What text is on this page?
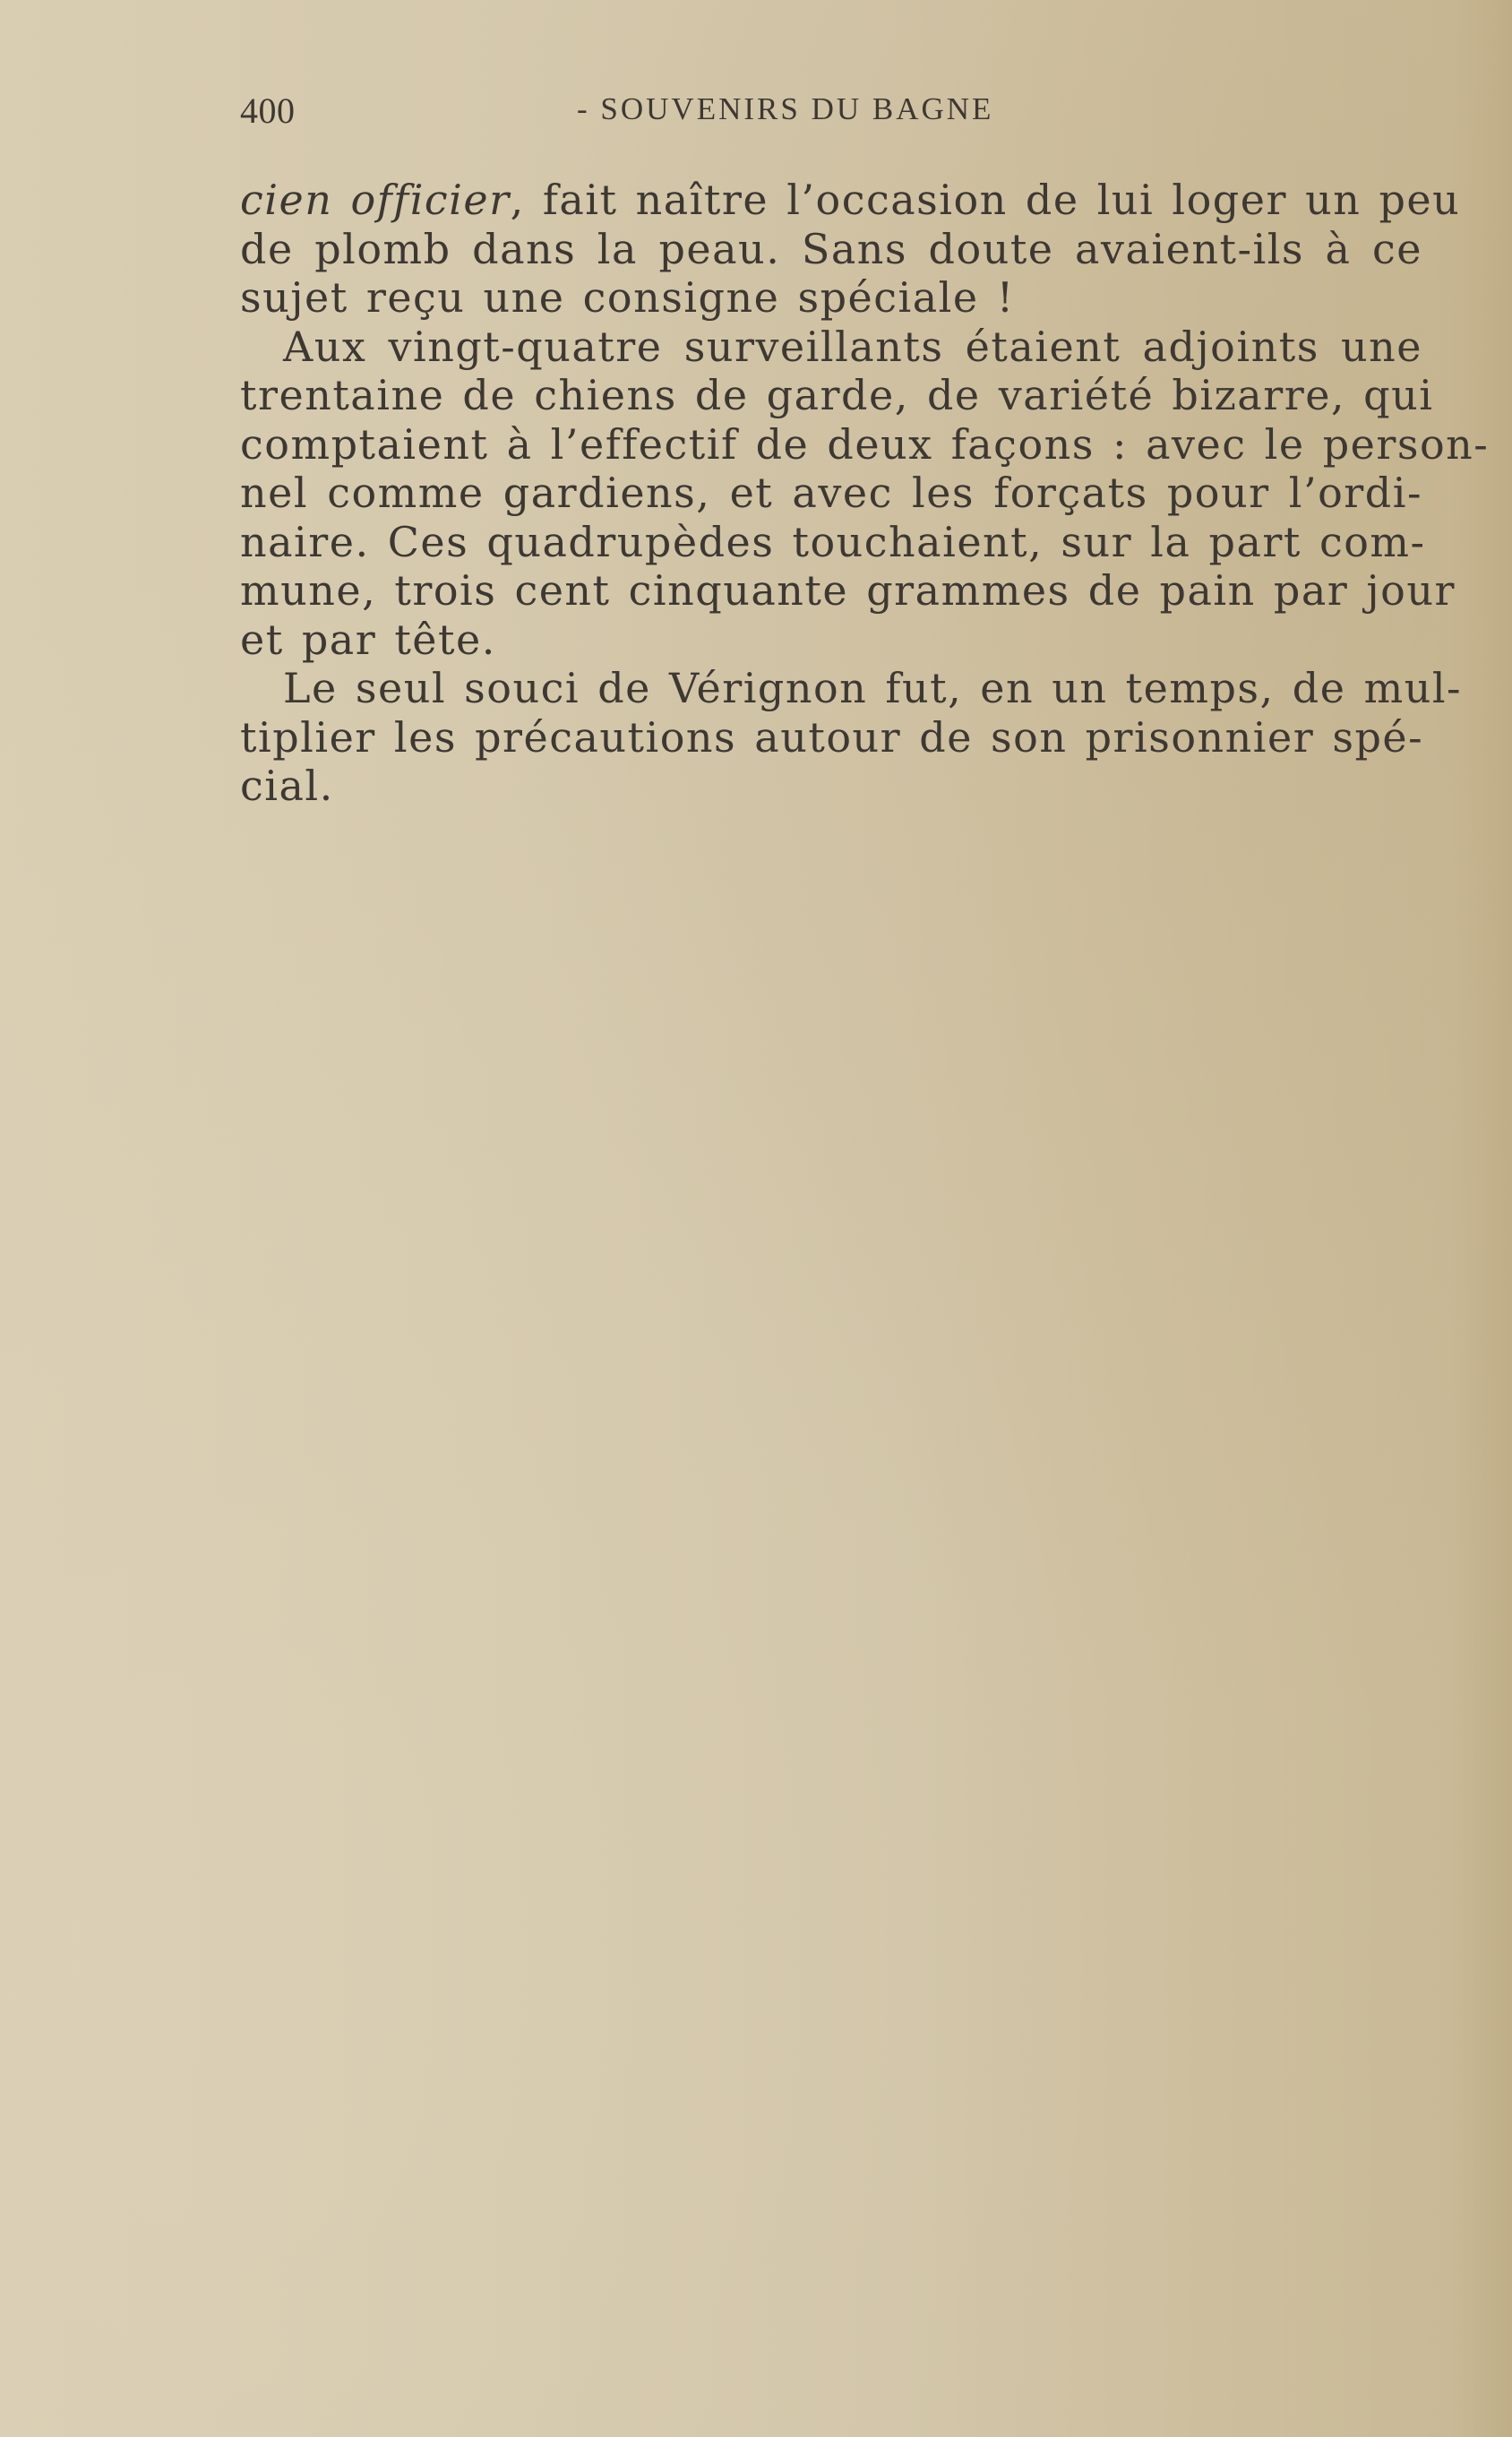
400	- SOUVENIRS DU BAGNE

cien officier, fait naître l’occasion de lui loger un peu
de plomb dans la peau. Sans doute avaient-ils à ce
sujet reçu une consigne spéciale !

Aux vingt-quatre surveillants étaient adjoints une
trentaine de chiens de garde, de variété bizarre, qui
comptaient à l’effectif de deux façons : avec le person-
nel comme gardiens, et avec les forçats pour l’ordi-
naire. Ces quadrupèdes touchaient, sur la part com-
mune, trois cent cinquante grammes de pain par jour
et par tête.

Le seul souci de Vérignon fut, en un temps, de mul-
tiplier les précautions autour de son prisonnier spé-
cial.
